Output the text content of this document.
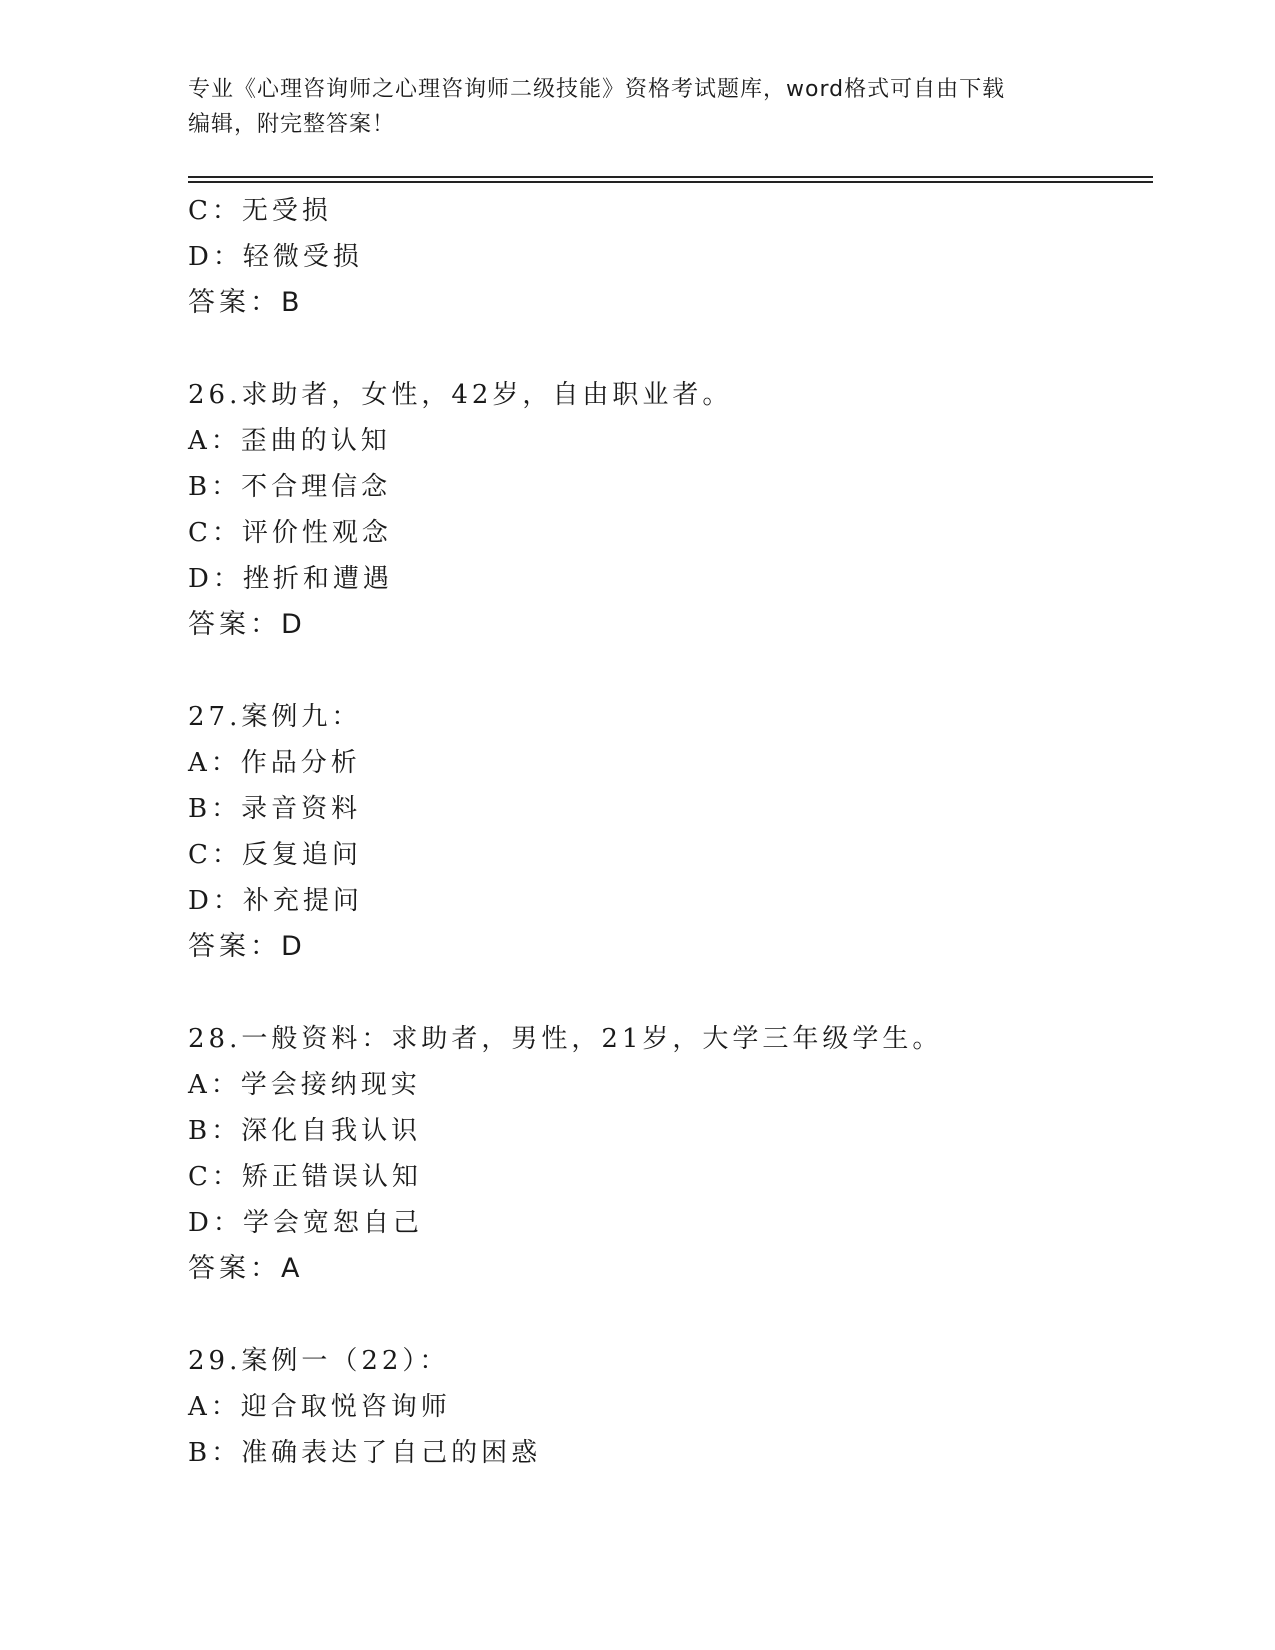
专业《心理咨询师之心理咨询师二级技能》资格考试题库，word格式可自由下载
编辑，附完整答案！
C：无受损
D：轻微受损
答案：B
26.求助者，女性，42岁，自由职业者。
A：歪曲的认知
B：不合理信念
C：评价性观念
D：挫折和遭遇
答案：D
27.案例九：
A：作品分析
B：录音资料
C：反复追问
D：补充提问
答案：D
28.一般资料：求助者，男性，21岁，大学三年级学生。
A：学会接纳现实
B：深化自我认识
C：矫正错误认知
D：学会宽恕自己
答案：A
29.案例一（22）：
A：迎合取悦咨询师
B：准确表达了自己的困惑
